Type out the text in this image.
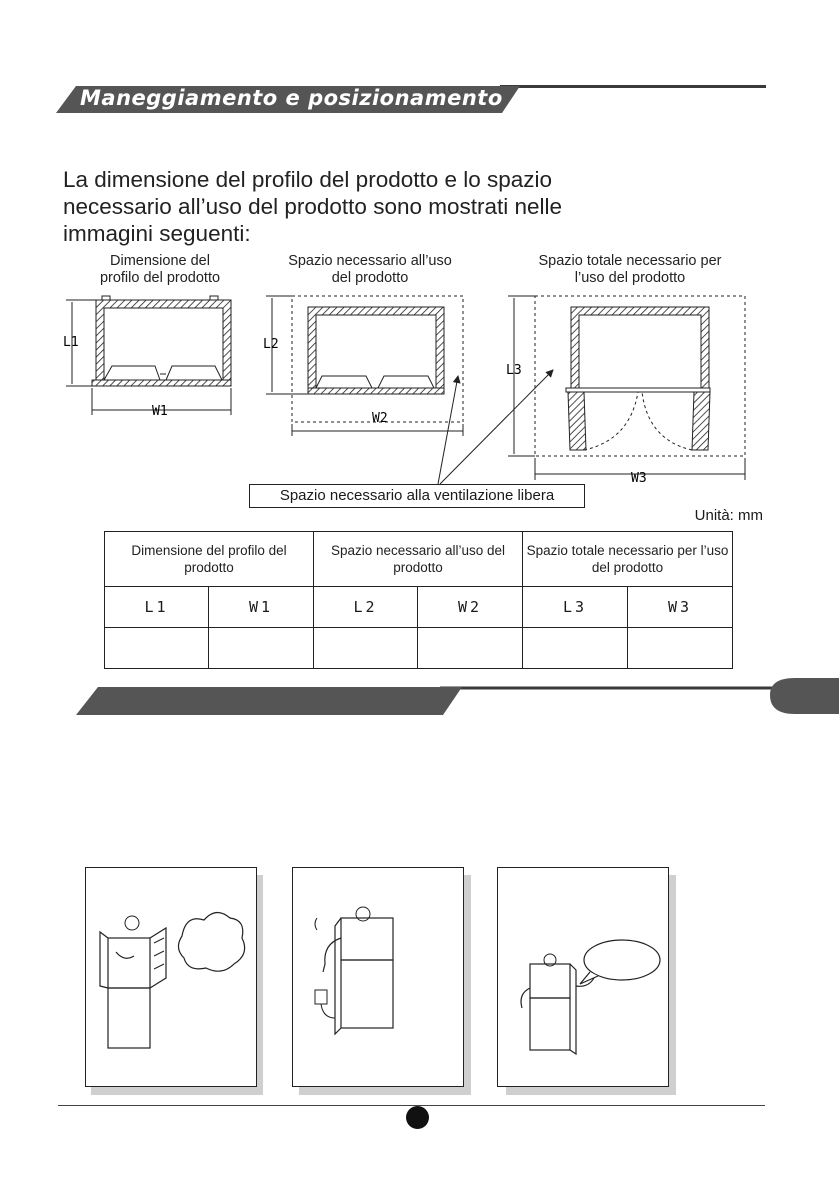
Maneggiamento e posizionamento
La dimensione del profilo del prodotto e lo spazio
necessario all’uso del prodotto sono mostrati nelle
immagini seguenti:
Dimensione del
profilo del prodotto
Spazio necessario all’uso
del prodotto
Spazio totale necessario per
l’uso del prodotto
L1
W1
L2
W2
L3
W3
Spazio necessario alla ventilazione libera
Unità: mm
Dimensione del profilo del prodotto		Spazio necessario all’uso del prodotto		Spazio totale necessario per l’uso del prodotto	
L1	W1	L2	W2	L3	W3
